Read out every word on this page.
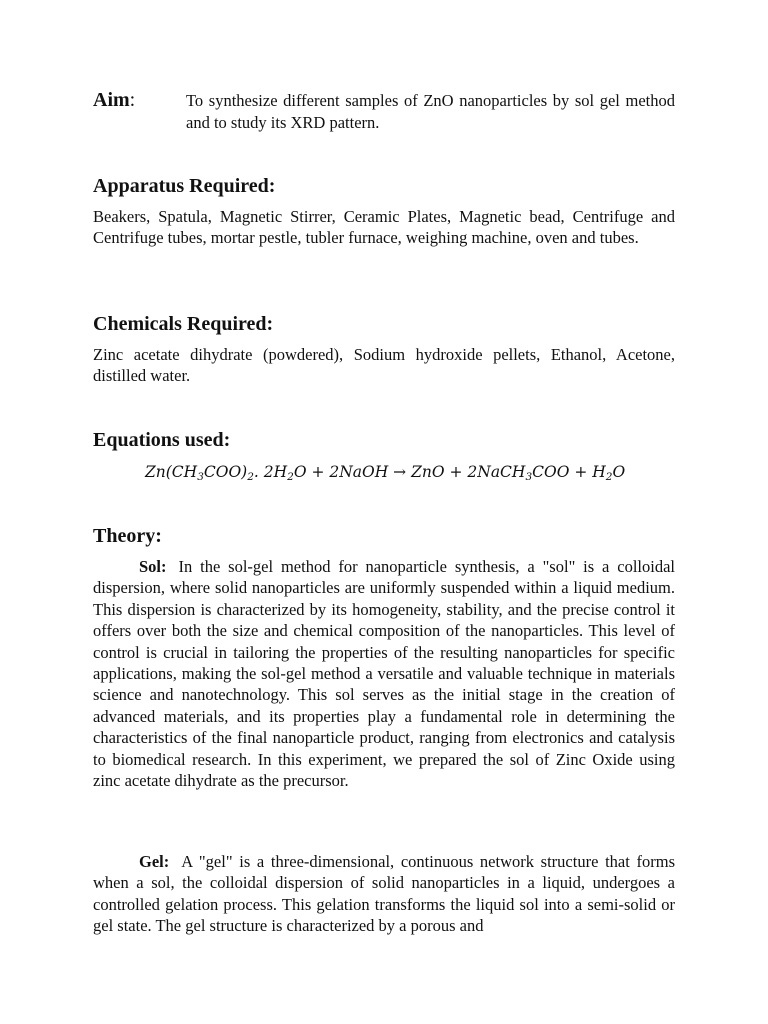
Aim:	To synthesize different samples of ZnO nanoparticles by sol gel method and to study its XRD pattern.
Apparatus Required:
Beakers, Spatula, Magnetic Stirrer, Ceramic Plates, Magnetic bead, Centrifuge and Centrifuge tubes, mortar pestle, tubler furnace, weighing machine, oven and tubes.
Chemicals Required:
Zinc acetate dihydrate (powdered), Sodium hydroxide pellets, Ethanol, Acetone, distilled water.
Equations used:
$Zn(CH_3COO)_2$. $2H_2O$ + 2NaOH → ZnO + 2NaCH$_3$COO + $H_2O$
Theory:
Sol: In the sol-gel method for nanoparticle synthesis, a "sol" is a colloidal dispersion, where solid nanoparticles are uniformly suspended within a liquid medium. This dispersion is characterized by its homogeneity, stability, and the precise control it offers over both the size and chemical composition of the nanoparticles. This level of control is crucial in tailoring the properties of the resulting nanoparticles for specific applications, making the sol-gel method a versatile and valuable technique in materials science and nanotechnology. This sol serves as the initial stage in the creation of advanced materials, and its properties play a fundamental role in determining the characteristics of the final nanoparticle product, ranging from electronics and catalysis to biomedical research. In this experiment, we prepared the sol of Zinc Oxide using zinc acetate dihydrate as the precursor.
Gel: A "gel" is a three-dimensional, continuous network structure that forms when a sol, the colloidal dispersion of solid nanoparticles in a liquid, undergoes a controlled gelation process. This gelation transforms the liquid sol into a semi-solid or gel state. The gel structure is characterized by a porous and
